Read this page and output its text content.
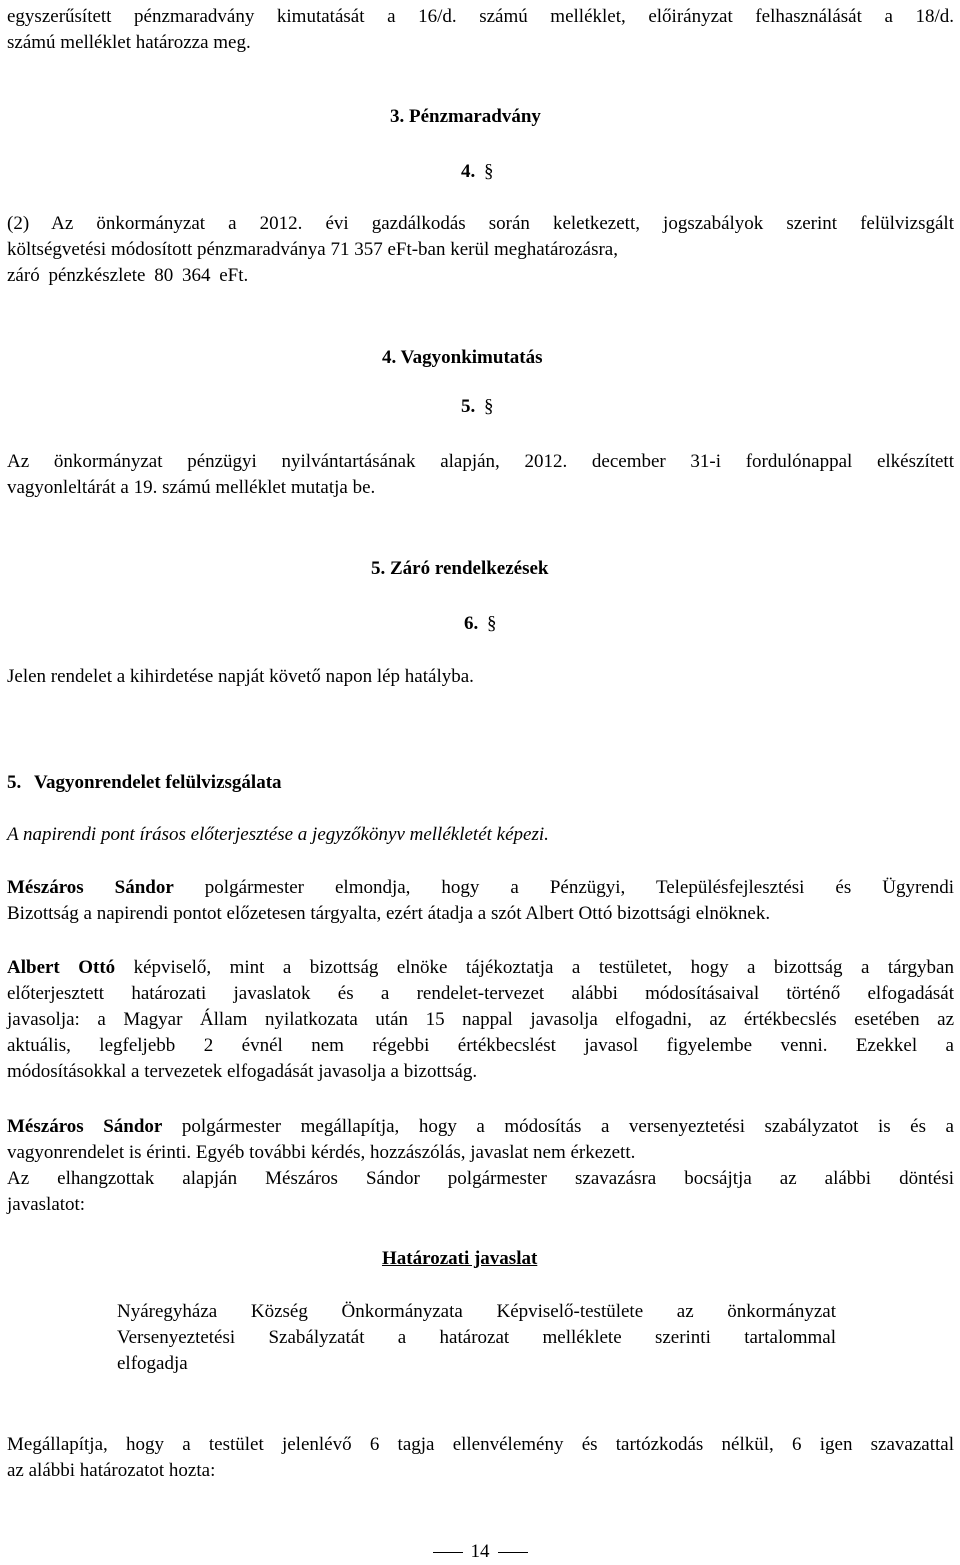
egyszerűsített pénzmaradvány kimutatását a 16/d. számú melléklet, előirányzat felhasználását a 18/d.
számú melléklet határozza meg.
3. Pénzmaradvány
4. §
(2) Az önkormányzat a 2012. évi gazdálkodás során keletkezett, jogszabályok szerint felülvizsgált
költségvetési módosított pénzmaradványa 71 357 eFt-ban kerül meghatározásra,
záró pénzkészlete 80 364 eFt.
4. Vagyonkimutatás
5. §
Az önkormányzat pénzügyi nyilvántartásának alapján, 2012. december 31-i fordulónappal elkészített
vagyonleltárát a 19. számú melléklet mutatja be.
5. Záró rendelkezések
6. §
Jelen rendelet a kihirdetése napját követő napon lép hatályba.
5. Vagyonrendelet felülvizsgálata
A napirendi pont írásos előterjesztése a jegyzőkönyv mellékletét képezi.
Mészáros Sándor polgármester elmondja, hogy a Pénzügyi, Településfejlesztési és Ügyrendi
Bizottság a napirendi pontot előzetesen tárgyalta, ezért átadja a szót Albert Ottó bizottsági elnöknek.
Albert Ottó képviselő, mint a bizottság elnöke tájékoztatja a testületet, hogy a bizottság a tárgyban
előterjesztett határozati javaslatok és a rendelet-tervezet alábbi módosításaival történő elfogadását
javasolja: a Magyar Állam nyilatkozata után 15 nappal javasolja elfogadni, az értékbecslés esetében az
aktuális, legfeljebb 2 évnél nem régebbi értékbecslést javasol figyelembe venni. Ezekkel a
módosításokkal a tervezetek elfogadását javasolja a bizottság.
Mészáros Sándor polgármester megállapítja, hogy a módosítás a versenyeztetési szabályzatot is és a
vagyonrendelet is érinti. Egyéb további kérdés, hozzászólás, javaslat nem érkezett.
Az elhangzottak alapján Mészáros Sándor polgármester szavazásra bocsájtja az alábbi döntési
javaslatot:
Határozati javaslat
Nyáregyháza Község Önkormányzata Képviselő-testülete az önkormányzat
Versenyeztetési Szabályzatát a határozat melléklete szerinti tartalommal
elfogadja
Megállapítja, hogy a testület jelenlévő 6 tagja ellenvélemény és tartózkodás nélkül, 6 igen szavazattal
az alábbi határozatot hozta:
14
